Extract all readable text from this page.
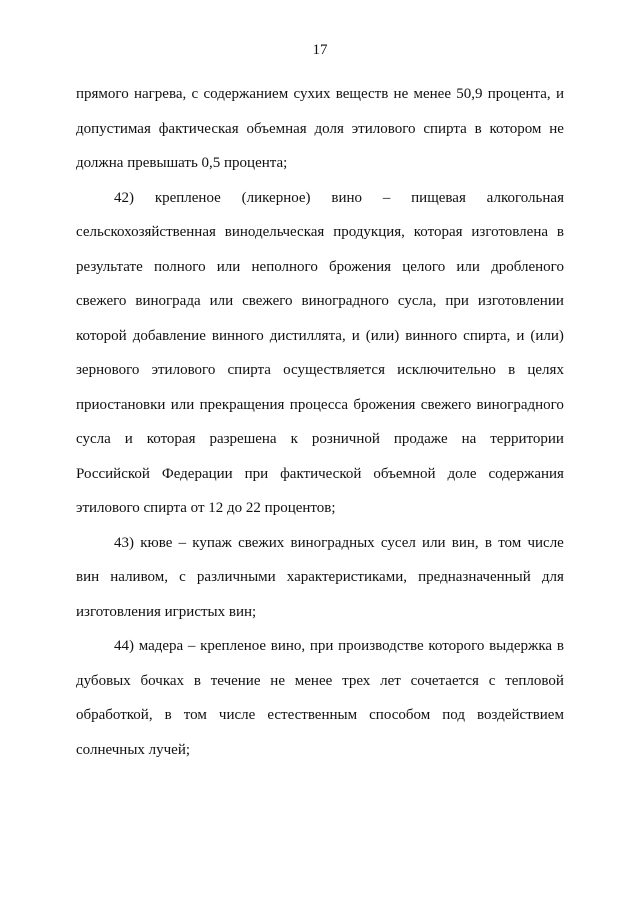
17
прямого нагрева, с содержанием сухих веществ не менее 50,9 процента, и
допустимая фактическая объемная доля этилового спирта в котором не
должна превышать 0,5 процента;
42) крепленое (ликерное) вино – пищевая алкогольная
сельскохозяйственная винодельческая продукция, которая изготовлена в
результате полного или неполного брожения целого или дробленого
свежего винограда или свежего виноградного сусла, при изготовлении
которой добавление винного дистиллята, и (или) винного спирта, и (или)
зернового этилового спирта осуществляется исключительно в целях
приостановки или прекращения процесса брожения свежего виноградного
сусла и которая разрешена к розничной продаже на территории
Российской Федерации при фактической объемной доле содержания
этилового спирта от 12 до 22 процентов;
43) кюве – купаж свежих виноградных сусел или вин, в том числе
вин наливом, с различными характеристиками, предназначенный для
изготовления игристых вин;
44) мадера – крепленое вино, при производстве которого выдержка в
дубовых бочках в течение не менее трех лет сочетается с тепловой
обработкой, в том числе естественным способом под воздействием
солнечных лучей;
